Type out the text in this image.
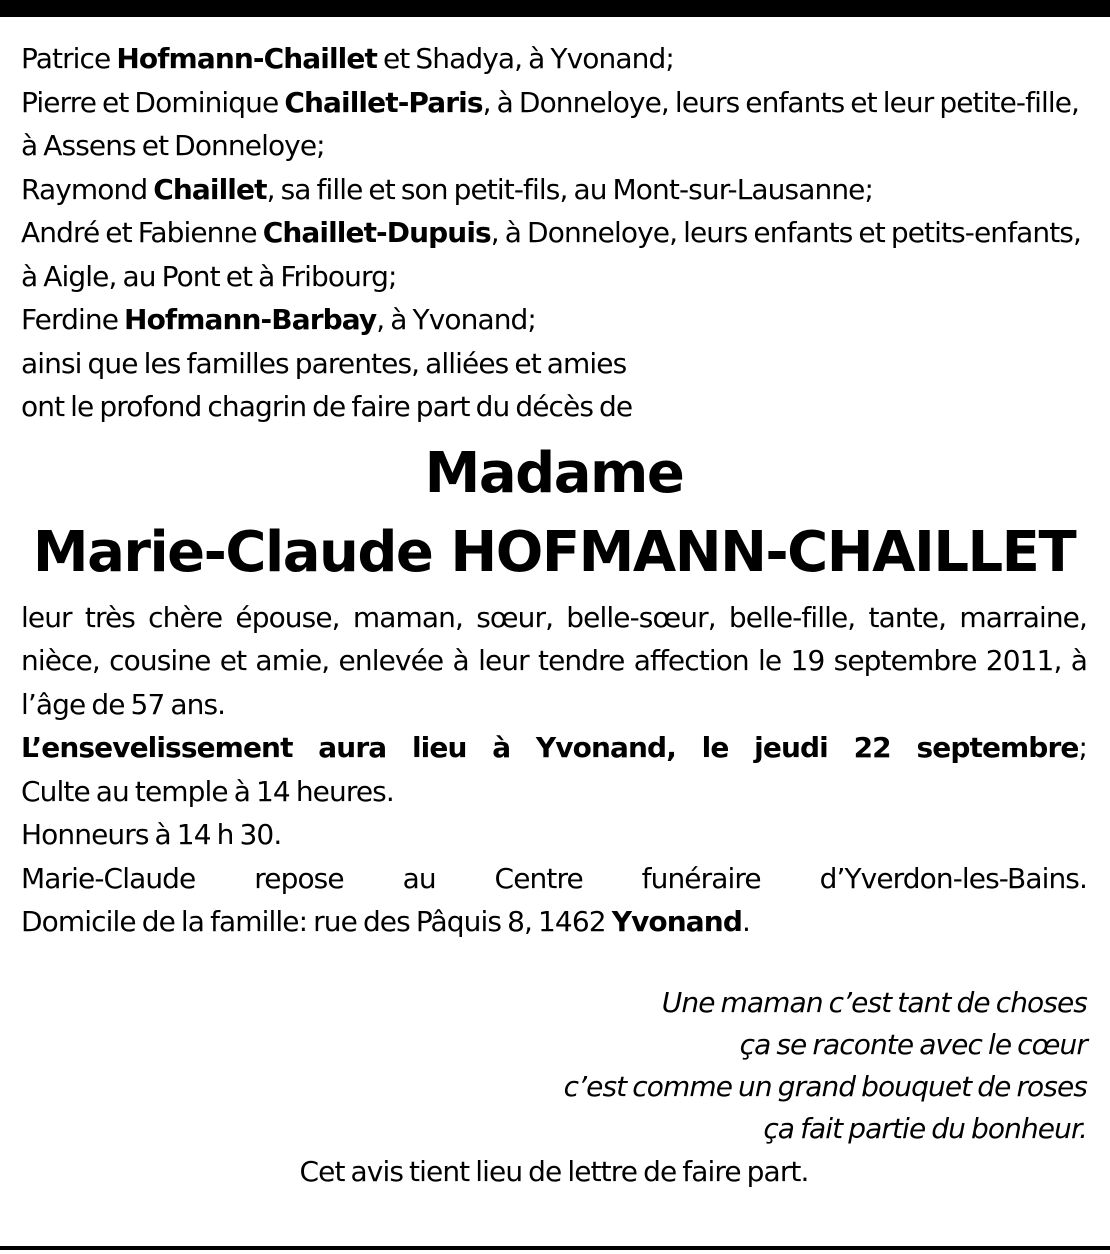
Patrice Hofmann-Chaillet et Shadya, à Yvonand;

Pierre et Dominique Chaillet-Paris, à Donneloye, leurs enfants et leur petite-fille, à Assens et Donneloye;

Raymond Chaillet, sa fille et son petit-fils, au Mont-sur-Lausanne;

André et Fabienne Chaillet-Dupuis, à Donneloye, leurs enfants et petits-enfants, à Aigle, au Pont et à Fribourg;

Ferdine Hofmann-Barbay, à Yvonand;

ainsi que les familles parentes, alliées et amies

ont le profond chagrin de faire part du décès de

Madame
Marie-Claude HOFMANN-CHAILLET

leur très chère épouse, maman, sœur, belle-sœur, belle-fille, tante, marraine, nièce, cousine et amie, enlevée à leur tendre affection le 19 septembre 2011, à l’âge de 57 ans.

L’ensevelissement aura lieu à Yvonand, le jeudi 22 septembre;

Culte au temple à 14 heures.

Honneurs à 14 h 30.

Marie-Claude repose au Centre funéraire d’Yverdon-les-Bains.

Domicile de la famille: rue des Pâquis 8, 1462 Yvonand.

Une maman c’est tant de choses
ça se raconte avec le cœur
c’est comme un grand bouquet de roses
ça fait partie du bonheur.

Cet avis tient lieu de lettre de faire part.
